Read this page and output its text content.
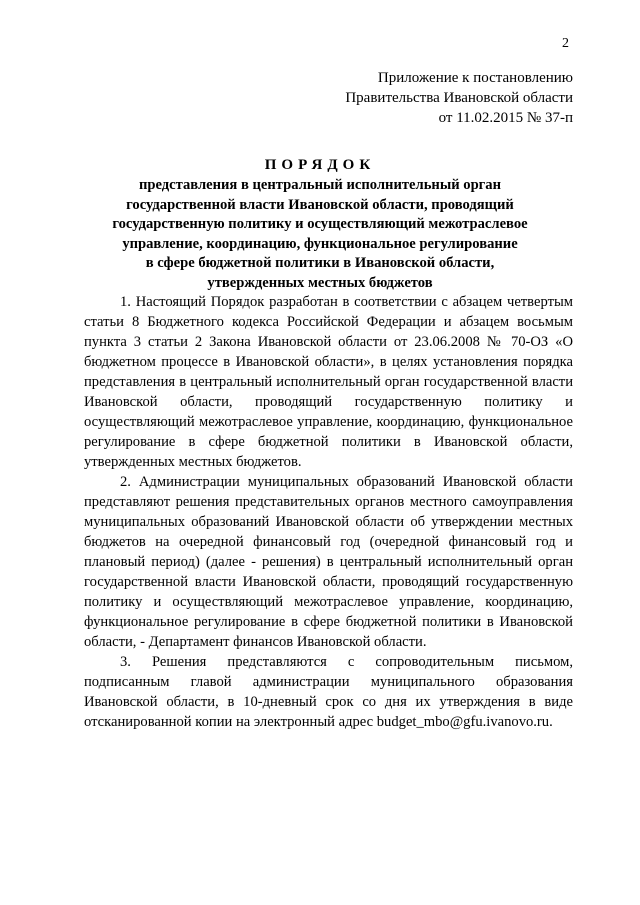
2
Приложение к постановлению
Правительства Ивановской области
от 11.02.2015 № 37-п
ПОРЯДОК
представления в центральный исполнительный орган
государственной власти Ивановской области, проводящий
государственную политику и осуществляющий межотраслевое
управление, координацию, функциональное регулирование
в сфере бюджетной политики в Ивановской области,
утвержденных местных бюджетов

1. Настоящий Порядок разработан в соответствии с абзацем четвертым статьи 8 Бюджетного кодекса Российской Федерации и абзацем восьмым пункта 3 статьи 2 Закона Ивановской области от 23.06.2008 № 70-ОЗ «О бюджетном процессе в Ивановской области», в целях установления порядка представления в центральный исполнительный орган государственной власти Ивановской области, проводящий государственную политику и осуществляющий межотраслевое управление, координацию, функциональное регулирование в сфере бюджетной политики в Ивановской области, утвержденных местных бюджетов.

2. Администрации муниципальных образований Ивановской области представляют решения представительных органов местного самоуправления муниципальных образований Ивановской области об утверждении местных бюджетов на очередной финансовый год (очередной финансовый год и плановый период) (далее - решения) в центральный исполнительный орган государственной власти Ивановской области, проводящий государственную политику и осуществляющий межотраслевое управление, координацию, функциональное регулирование в сфере бюджетной политики в Ивановской области, - Департамент финансов Ивановской области.

3. Решения представляются с сопроводительным письмом, подписанным главой администрации муниципального образования Ивановской области, в 10-дневный срок со дня их утверждения в виде отсканированной копии на электронный адрес budget_mbo@gfu.ivanovo.ru.
